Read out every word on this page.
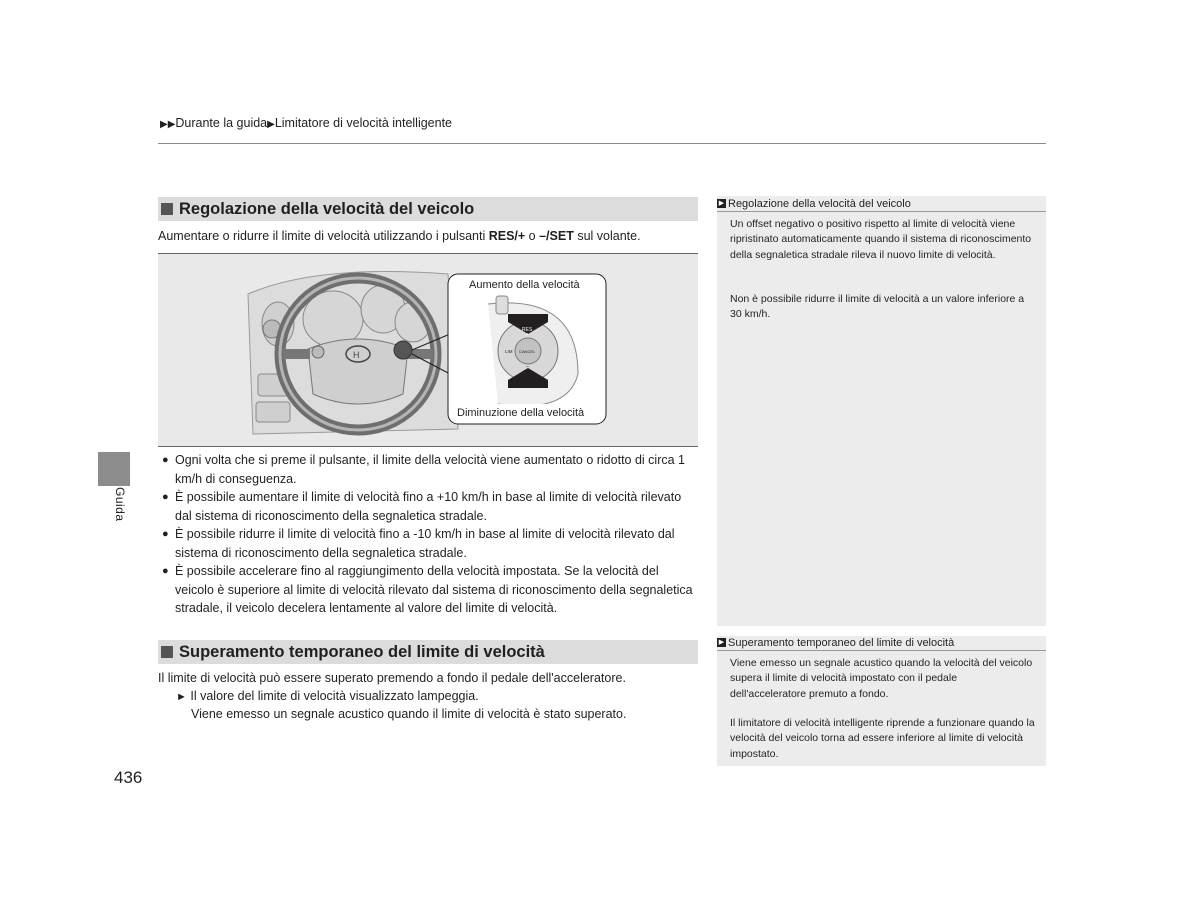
▶▶Durante la guida▶Limitatore di velocità intelligente
Regolazione della velocità del veicolo
Aumentare o ridurre il limite di velocità utilizzando i pulsanti RES/+ o –/SET sul volante.
H
RES
+
LIM CANCEL
–
SET
Aumento della velocità
Diminuzione della velocità
● Ogni volta che si preme il pulsante, il limite della velocità viene aumentato o ridotto di circa 1 km/h di conseguenza.
● È possibile aumentare il limite di velocità fino a +10 km/h in base al limite di velocità rilevato dal sistema di riconoscimento della segnaletica stradale.
● È possibile ridurre il limite di velocità fino a -10 km/h in base al limite di velocità rilevato dal sistema di riconoscimento della segnaletica stradale.
● È possibile accelerare fino al raggiungimento della velocità impostata. Se la velocità del veicolo è superiore al limite di velocità rilevato dal sistema di riconoscimento della segnaletica stradale, il veicolo decelera lentamente al valore del limite di velocità.
Superamento temporaneo del limite di velocità
Il limite di velocità può essere superato premendo a fondo il pedale dell'acceleratore.
► Il valore del limite di velocità visualizzato lampeggia.
Viene emesso un segnale acustico quando il limite di velocità è stato superato.
▶ Regolazione della velocità del veicolo
Un offset negativo o positivo rispetto al limite di velocità viene ripristinato automaticamente quando il sistema di riconoscimento della segnaletica stradale rileva il nuovo limite di velocità.
Non è possibile ridurre il limite di velocità a un valore inferiore a 30 km/h.
▶ Superamento temporaneo del limite di velocità
Viene emesso un segnale acustico quando la velocità del veicolo supera il limite di velocità impostato con il pedale dell'acceleratore premuto a fondo.
Il limitatore di velocità intelligente riprende a funzionare quando la velocità del veicolo torna ad essere inferiore al limite di velocità impostato.
Guida
436
